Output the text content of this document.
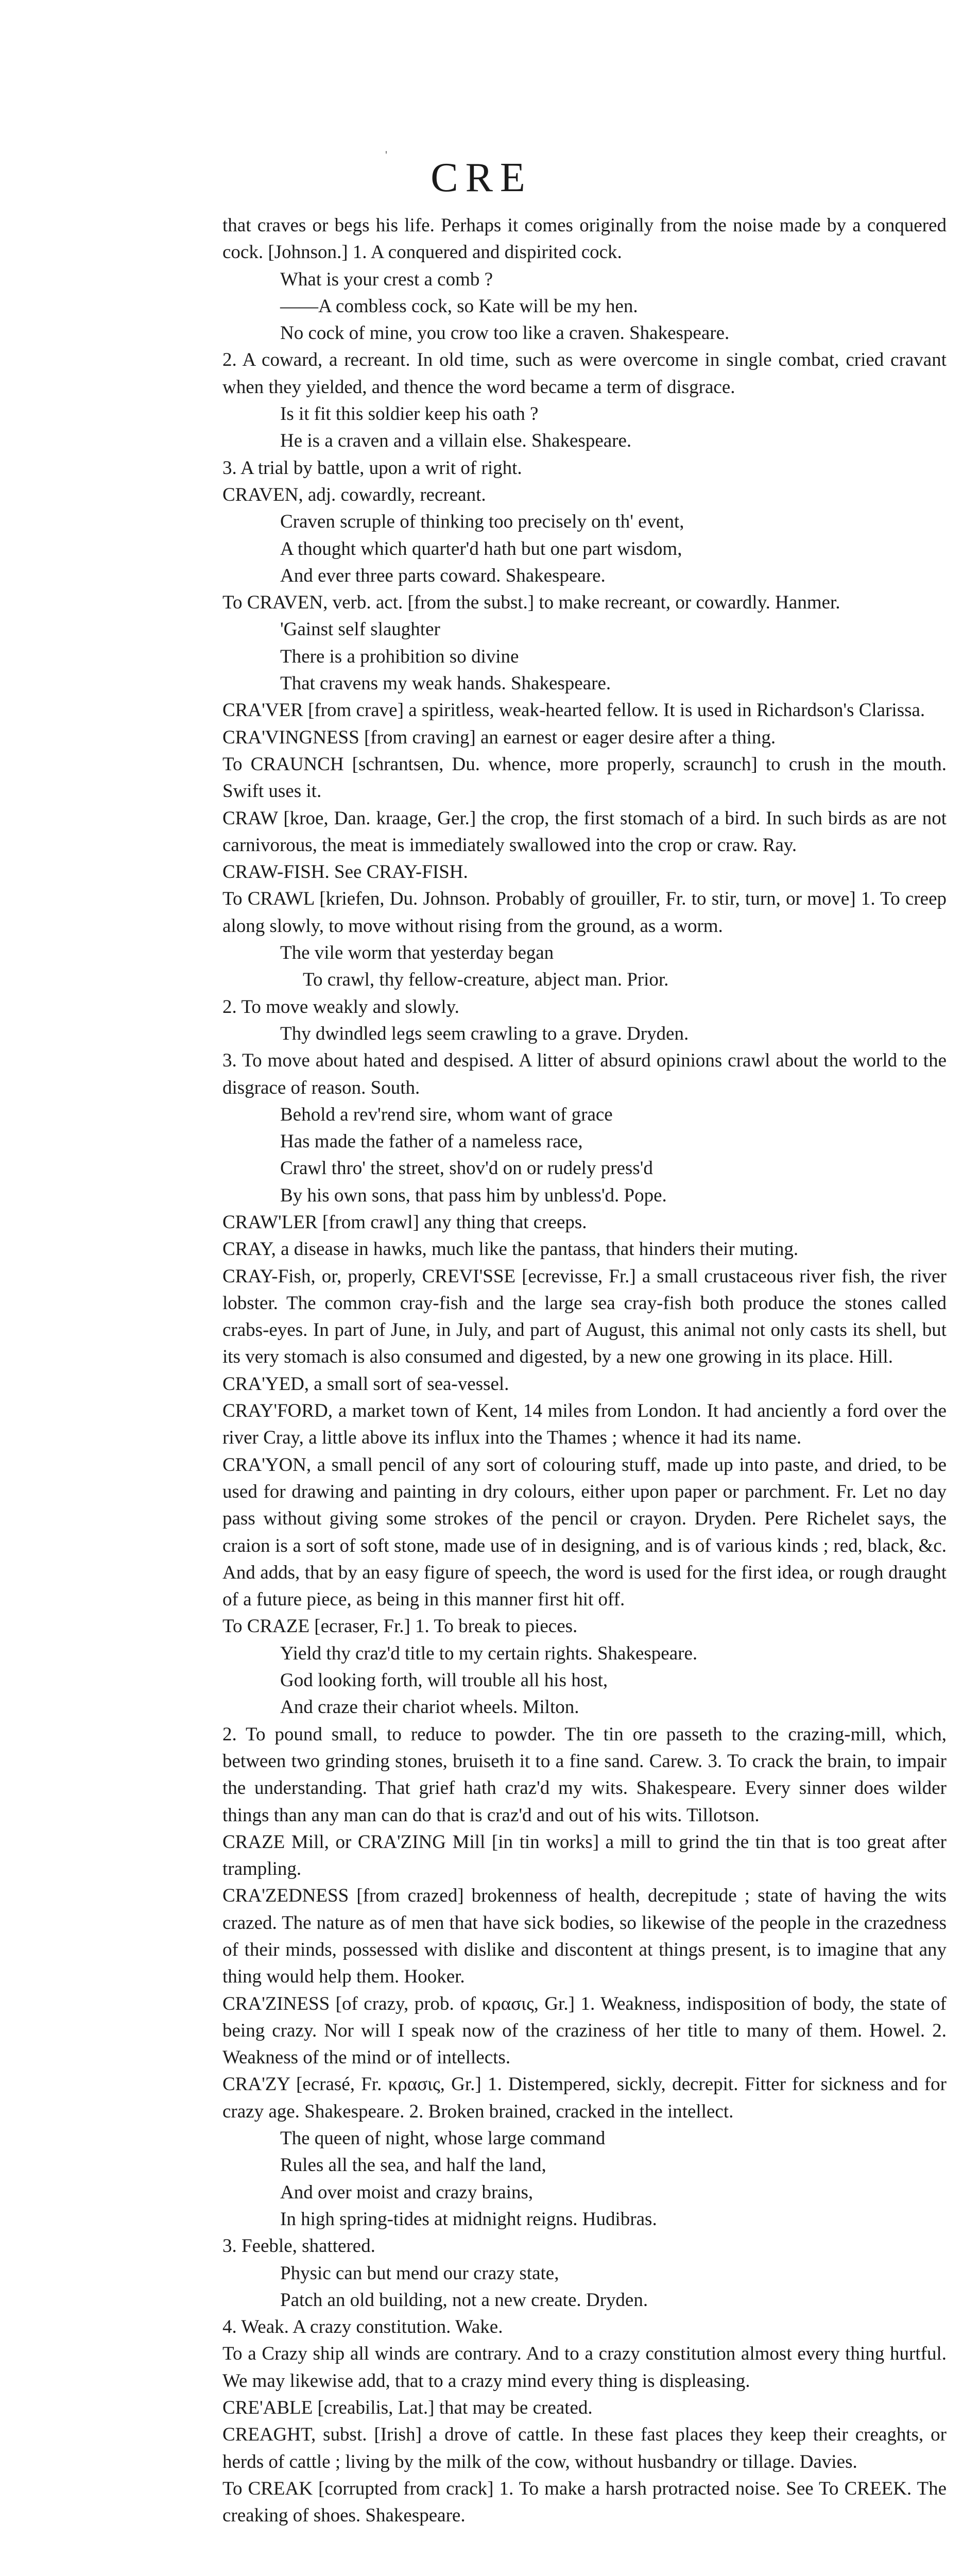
'
CRE
that craves or begs his life. Perhaps it comes originally from the noise made by a conquered cock. [Johnson.] 1. A conquered and dispirited cock.
What is your crest a comb ?
——A combless cock, so Kate will be my hen.
No cock of mine, you crow too like a craven. Shakespeare.
2. A coward, a recreant. In old time, such as were overcome in single combat, cried cravant when they yielded, and thence the word became a term of disgrace.
Is it fit this soldier keep his oath ?
He is a craven and a villain else. Shakespeare.
3. A trial by battle, upon a writ of right.
CRAVEN, adj. cowardly, recreant.
Craven scruple of thinking too precisely on th' event,
A thought which quarter'd hath but one part wisdom,
And ever three parts coward. Shakespeare.
To CRAVEN, verb. act. [from the subst.] to make recreant, or cowardly. Hanmer.
'Gainst self slaughter
There is a prohibition so divine
That cravens my weak hands. Shakespeare.
CRA'VER [from crave] a spiritless, weak-hearted fellow. It is used in Richardson's Clarissa.
CRA'VINGNESS [from craving] an earnest or eager desire after a thing.
To CRAUNCH [schrantsen, Du. whence, more properly, scraunch] to crush in the mouth. Swift uses it.
CRAW [kroe, Dan. kraage, Ger.] the crop, the first stomach of a bird. In such birds as are not carnivorous, the meat is immediately swallowed into the crop or craw. Ray.
CRAW-FISH. See CRAY-FISH.
To CRAWL [kriefen, Du. Johnson. Probably of grouiller, Fr. to stir, turn, or move] 1. To creep along slowly, to move without rising from the ground, as a worm.
The vile worm that yesterday began
To crawl, thy fellow-creature, abject man. Prior.
2. To move weakly and slowly.
Thy dwindled legs seem crawling to a grave. Dryden.
3. To move about hated and despised. A litter of absurd opinions crawl about the world to the disgrace of reason. South.
Behold a rev'rend sire, whom want of grace
Has made the father of a nameless race,
Crawl thro' the street, shov'd on or rudely press'd
By his own sons, that pass him by unbless'd. Pope.
CRAW'LER [from crawl] any thing that creeps.
CRAY, a disease in hawks, much like the pantass, that hinders their muting.
CRAY-Fish, or, properly, CREVI'SSE [ecrevisse, Fr.] a small crustaceous river fish, the river lobster. The common cray-fish and the large sea cray-fish both produce the stones called crabs-eyes. In part of June, in July, and part of August, this animal not only casts its shell, but its very stomach is also consumed and digested, by a new one growing in its place. Hill.
CRA'YED, a small sort of sea-vessel.
CRAY'FORD, a market town of Kent, 14 miles from London. It had anciently a ford over the river Cray, a little above its influx into the Thames ; whence it had its name.
CRA'YON, a small pencil of any sort of colouring stuff, made up into paste, and dried, to be used for drawing and painting in dry colours, either upon paper or parchment. Fr. Let no day pass without giving some strokes of the pencil or crayon. Dryden. Pere Richelet says, the craion is a sort of soft stone, made use of in designing, and is of various kinds ; red, black, &c. And adds, that by an easy figure of speech, the word is used for the first idea, or rough draught of a future piece, as being in this manner first hit off.
To CRAZE [ecraser, Fr.] 1. To break to pieces.
Yield thy craz'd title to my certain rights. Shakespeare.
God looking forth, will trouble all his host,
And craze their chariot wheels. Milton.
2. To pound small, to reduce to powder. The tin ore passeth to the crazing-mill, which, between two grinding stones, bruiseth it to a fine sand. Carew. 3. To crack the brain, to impair the understanding. That grief hath craz'd my wits. Shakespeare. Every sinner does wilder things than any man can do that is craz'd and out of his wits. Tillotson.
CRAZE Mill, or CRA'ZING Mill [in tin works] a mill to grind the tin that is too great after trampling.
CRA'ZEDNESS [from crazed] brokenness of health, decrepitude ; state of having the wits crazed. The nature as of men that have sick bodies, so likewise of the people in the crazedness of their minds, possessed with dislike and discontent at things present, is to imagine that any thing would help them. Hooker.
CRA'ZINESS [of crazy, prob. of κρασις, Gr.] 1. Weakness, indisposition of body, the state of being crazy. Nor will I speak now of the craziness of her title to many of them. Howel. 2. Weakness of the mind or of intellects.
CRA'ZY [ecrasé, Fr. κρασις, Gr.] 1. Distempered, sickly, decrepit. Fitter for sickness and for crazy age. Shakespeare. 2. Broken brained, cracked in the intellect.
The queen of night, whose large command
Rules all the sea, and half the land,
And over moist and crazy brains,
In high spring-tides at midnight reigns. Hudibras.
3. Feeble, shattered.
Physic can but mend our crazy state,
Patch an old building, not a new create. Dryden.
4. Weak. A crazy constitution. Wake.
To a Crazy ship all winds are contrary. And to a crazy constitution almost every thing hurtful. We may likewise add, that to a crazy mind every thing is displeasing.
CRE'ABLE [creabilis, Lat.] that may be created.
CREAGHT, subst. [Irish] a drove of cattle. In these fast places they keep their creaghts, or herds of cattle ; living by the milk of the cow, without husbandry or tillage. Davies.
To CREAK [corrupted from crack] 1. To make a harsh protracted noise. See To CREEK. The creaking of shoes. Shakespeare.
